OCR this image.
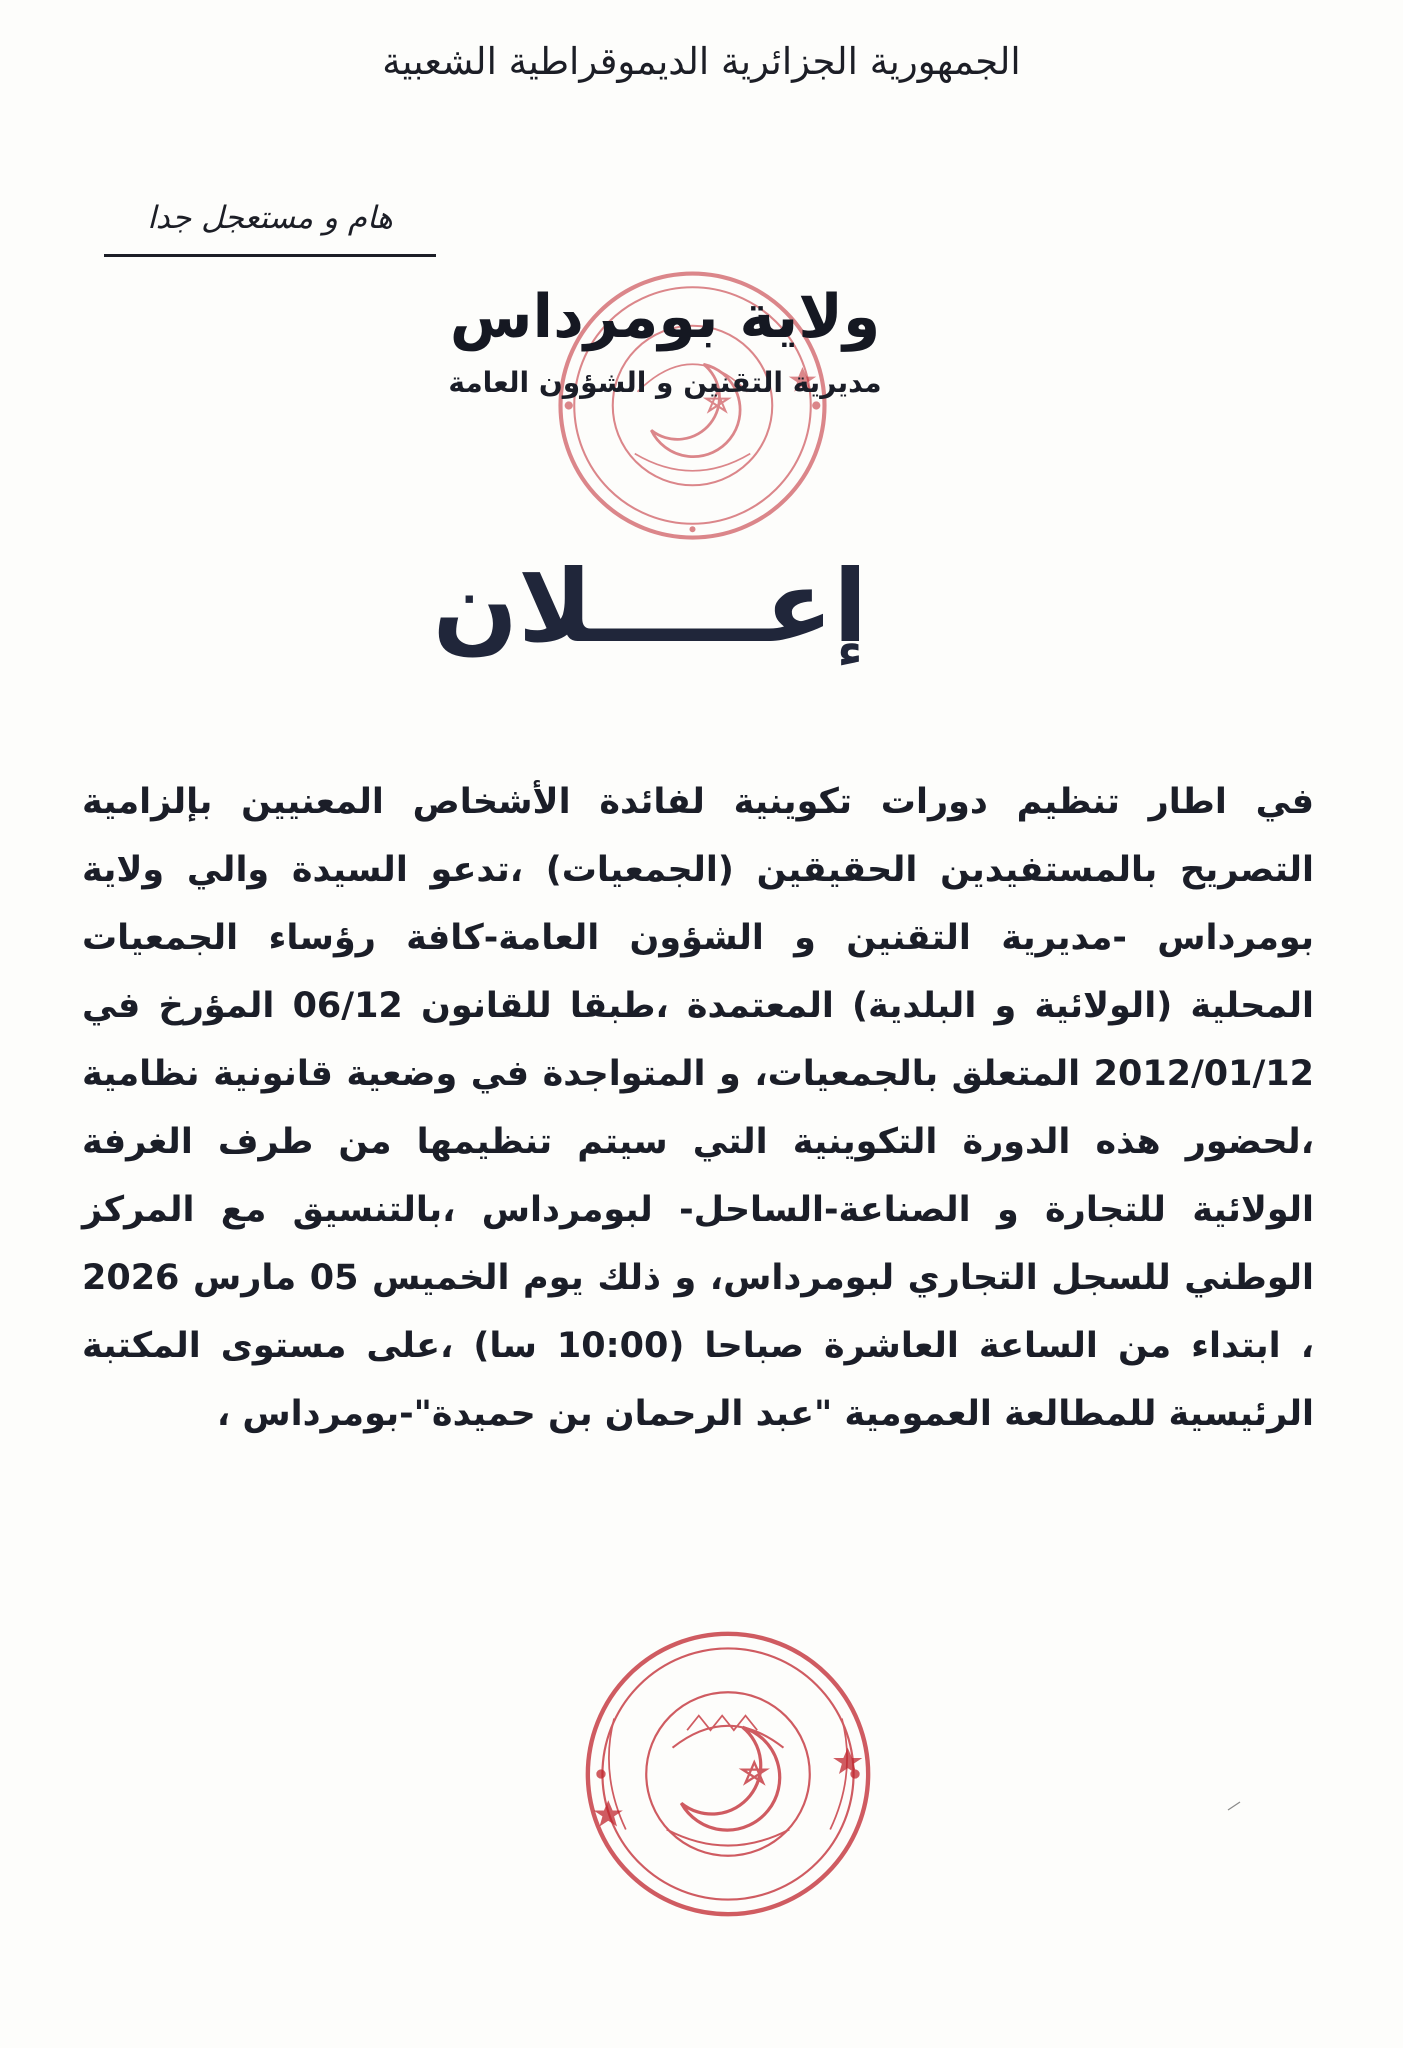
الجمهورية الجزائرية الديموقراطية الشعبية
هام و مستعجل جدا
ولاية بومرداس
مديرية التقنين و الشؤون العامة
إعـــــلان
في اطار تنظيم دورات تكوينية لفائدة الأشخاص المعنيين بإلزامية التصريح بالمستفيدين الحقيقين (الجمعيات) ،تدعو السيدة والي ولاية بومرداس -مديرية التقنين و الشؤون العامة-كافة رؤساء الجمعيات المحلية (الولائية و البلدية) المعتمدة ،طبقا للقانون 06/12 المؤرخ في 2012/01/12 المتعلق بالجمعيات، و المتواجدة في وضعية قانونية نظامية ،لحضور هذه الدورة التكوينية التي سيتم تنظيمها من طرف الغرفة الولائية للتجارة و الصناعة-الساحل- لبومرداس ،بالتنسيق مع المركز الوطني للسجل التجاري لبومرداس، و ذلك يوم الخميس 05 مارس 2026 ، ابتداء من الساعة العاشرة صباحا (10:00 سا) ،على مستوى المكتبة الرئيسية للمطالعة العمومية "عبد الرحمان بن حميدة"-بومرداس ،
